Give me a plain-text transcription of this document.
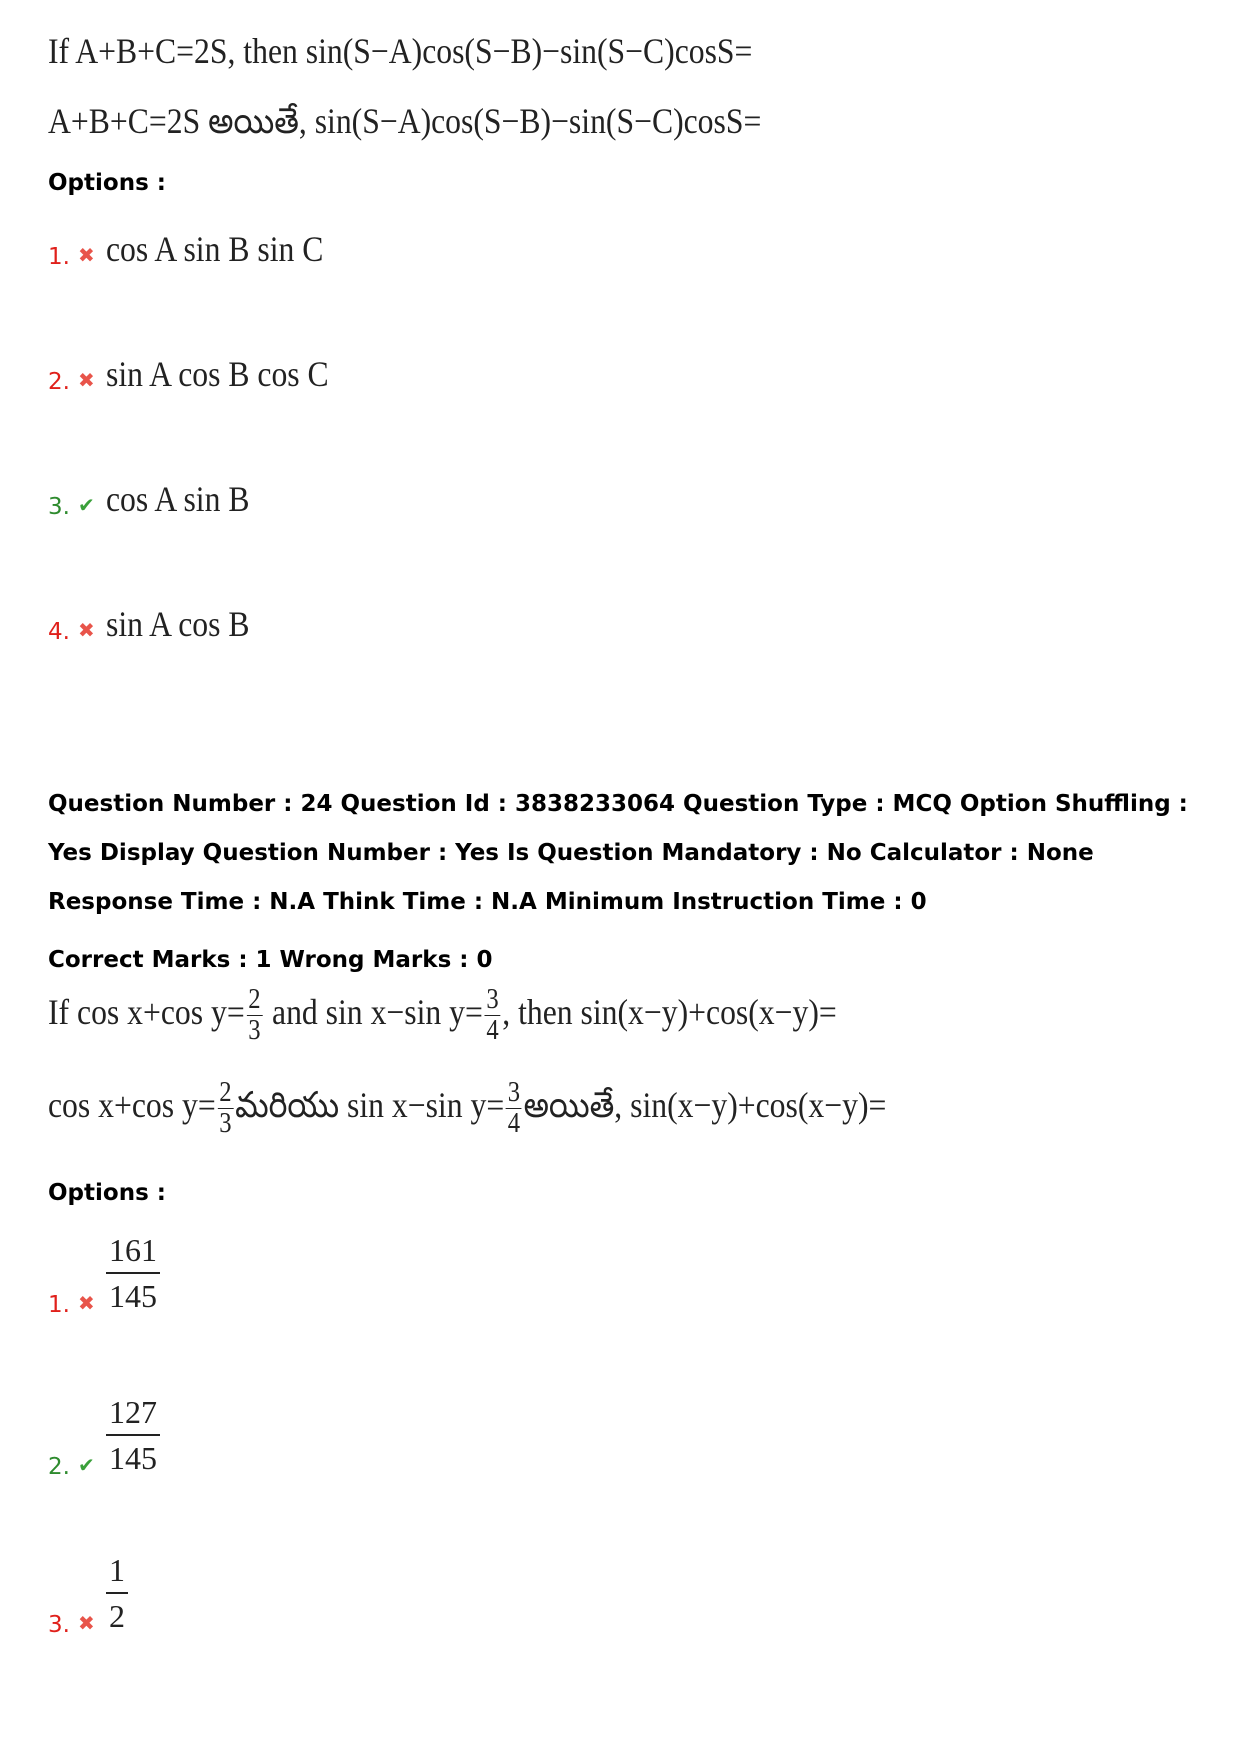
If A+B+C=2S, then sin(S−A)cos(S−B)−sin(S−C)cosS=
A+B+C=2S అయితే, sin(S−A)cos(S−B)−sin(S−C)cosS=
Options :
1. ✖ cos A sin B sin C
2. ✖ sin A cos B cos C
3. ✔ cos A sin B
4. ✖ sin A cos B
Question Number : 24 Question Id : 3838233064 Question Type : MCQ Option Shuffling : Yes Display Question Number : Yes Is Question Mandatory : No Calculator : None Response Time : N.A Think Time : N.A Minimum Instruction Time : 0
Correct Marks : 1 Wrong Marks : 0
If cos x+cos $y= \frac{2}{3}$ and sin x−sin $y= \frac{3}{4}$ , then sin(x−y)+cos(x−y)=
cos x+cos $y= \frac{2}{3}$ మరియు sin x−sin $y= \frac{3}{4}$ అయితే, sin(x−y)+cos(x−y)=
Options :
1. ✖ $\frac{161}{145}$
2. ✔ $\frac{127}{145}$
3. ✖ $\frac{1}{2}$
